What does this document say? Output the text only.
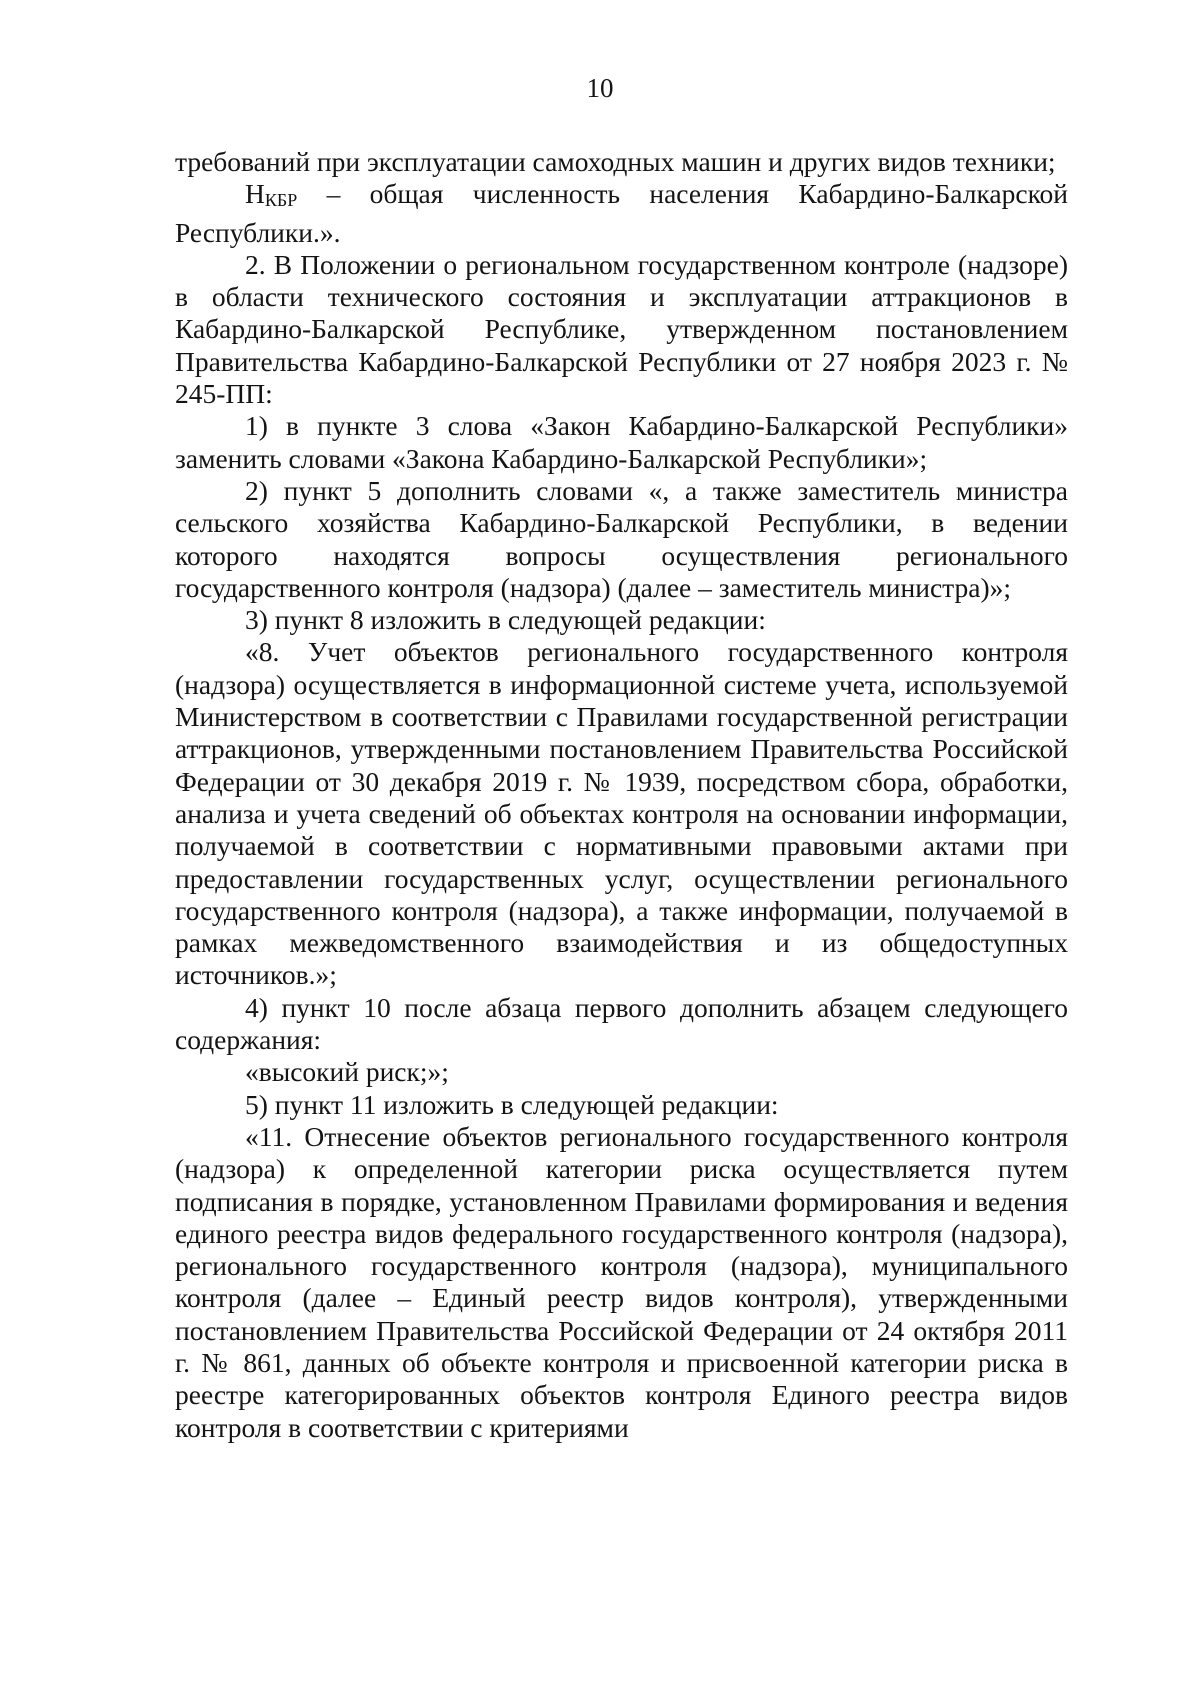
10

требований при эксплуатации самоходных машин и других видов техники;

НКБР – общая численность населения Кабардино-Балкарской Республики.».

2. В Положении о региональном государственном контроле (надзоре) в области технического состояния и эксплуатации аттракционов в Кабардино-Балкарской Республике, утвержденном постановлением Правительства Кабардино-Балкарской Республики от 27 ноября 2023 г. № 245-ПП:

1) в пункте 3 слова «Закон Кабардино-Балкарской Республики» заменить словами «Закона Кабардино-Балкарской Республики»;

2) пункт 5 дополнить словами «, а также заместитель министра сельского хозяйства Кабардино-Балкарской Республики, в ведении которого находятся вопросы осуществления регионального государственного контроля (надзора) (далее – заместитель министра)»;

3) пункт 8 изложить в следующей редакции:

«8. Учет объектов регионального государственного контроля (надзора) осуществляется в информационной системе учета, используемой Министерством в соответствии с Правилами государственной регистрации аттракционов, утвержденными постановлением Правительства Российской Федерации от 30 декабря 2019 г. № 1939, посредством сбора, обработки, анализа и учета сведений об объектах контроля на основании информации, получаемой в соответствии с нормативными правовыми актами при предоставлении государственных услуг, осуществлении регионального государственного контроля (надзора), а также информации, получаемой в рамках межведомственного взаимодействия и из общедоступных источников.»;

4) пункт 10 после абзаца первого дополнить абзацем следующего содержания:

«высокий риск;»;

5) пункт 11 изложить в следующей редакции:

«11. Отнесение объектов регионального государственного контроля (надзора) к определенной категории риска осуществляется путем подписания в порядке, установленном Правилами формирования и ведения единого реестра видов федерального государственного контроля (надзора), регионального государственного контроля (надзора), муниципального контроля (далее – Единый реестр видов контроля), утвержденными постановлением Правительства Российской Федерации от 24 октября 2011 г. № 861, данных об объекте контроля и присвоенной категории риска в реестре категорированных объектов контроля Единого реестра видов контроля в соответствии с критериями
